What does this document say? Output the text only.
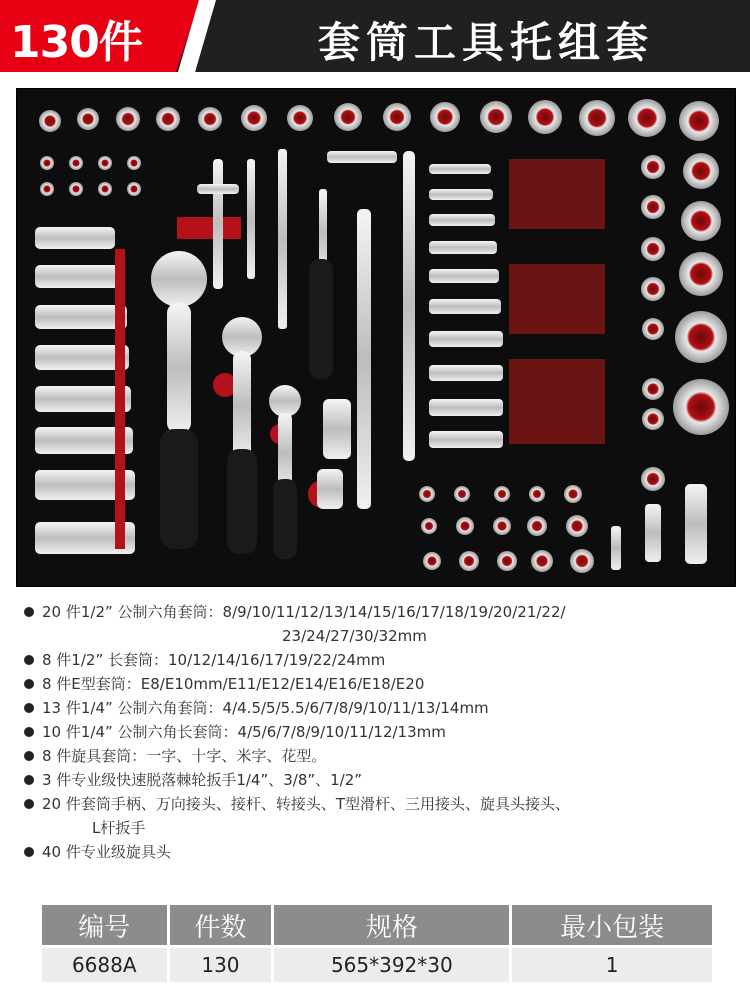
130件	套筒工具托组套
20 件1/2” 公制六角套筒：8/9/10/11/12/13/14/15/16/17/18/19/20/21/22/
23/24/27/30/32mm
8 件1/2” 长套筒：10/12/14/16/17/19/22/24mm
8 件E型套筒：E8/E10mm/E11/E12/E14/E16/E18/E20
13 件1/4” 公制六角套筒：4/4.5/5/5.5/6/7/8/9/10/11/13/14mm
10 件1/4” 公制六角长套筒：4/5/6/7/8/9/10/11/12/13mm
8 件旋具套筒：一字、十字、米字、花型。
3 件专业级快速脱落棘轮扳手1/4”、3/8”、1/2”
20 件套筒手柄、万向接头、接杆、转接头、T型滑杆、三用接头、旋具头接头、
L杆扳手
40 件专业级旋具头
编号	件数	规格	最小包装
6688A	130	565*392*30	1
